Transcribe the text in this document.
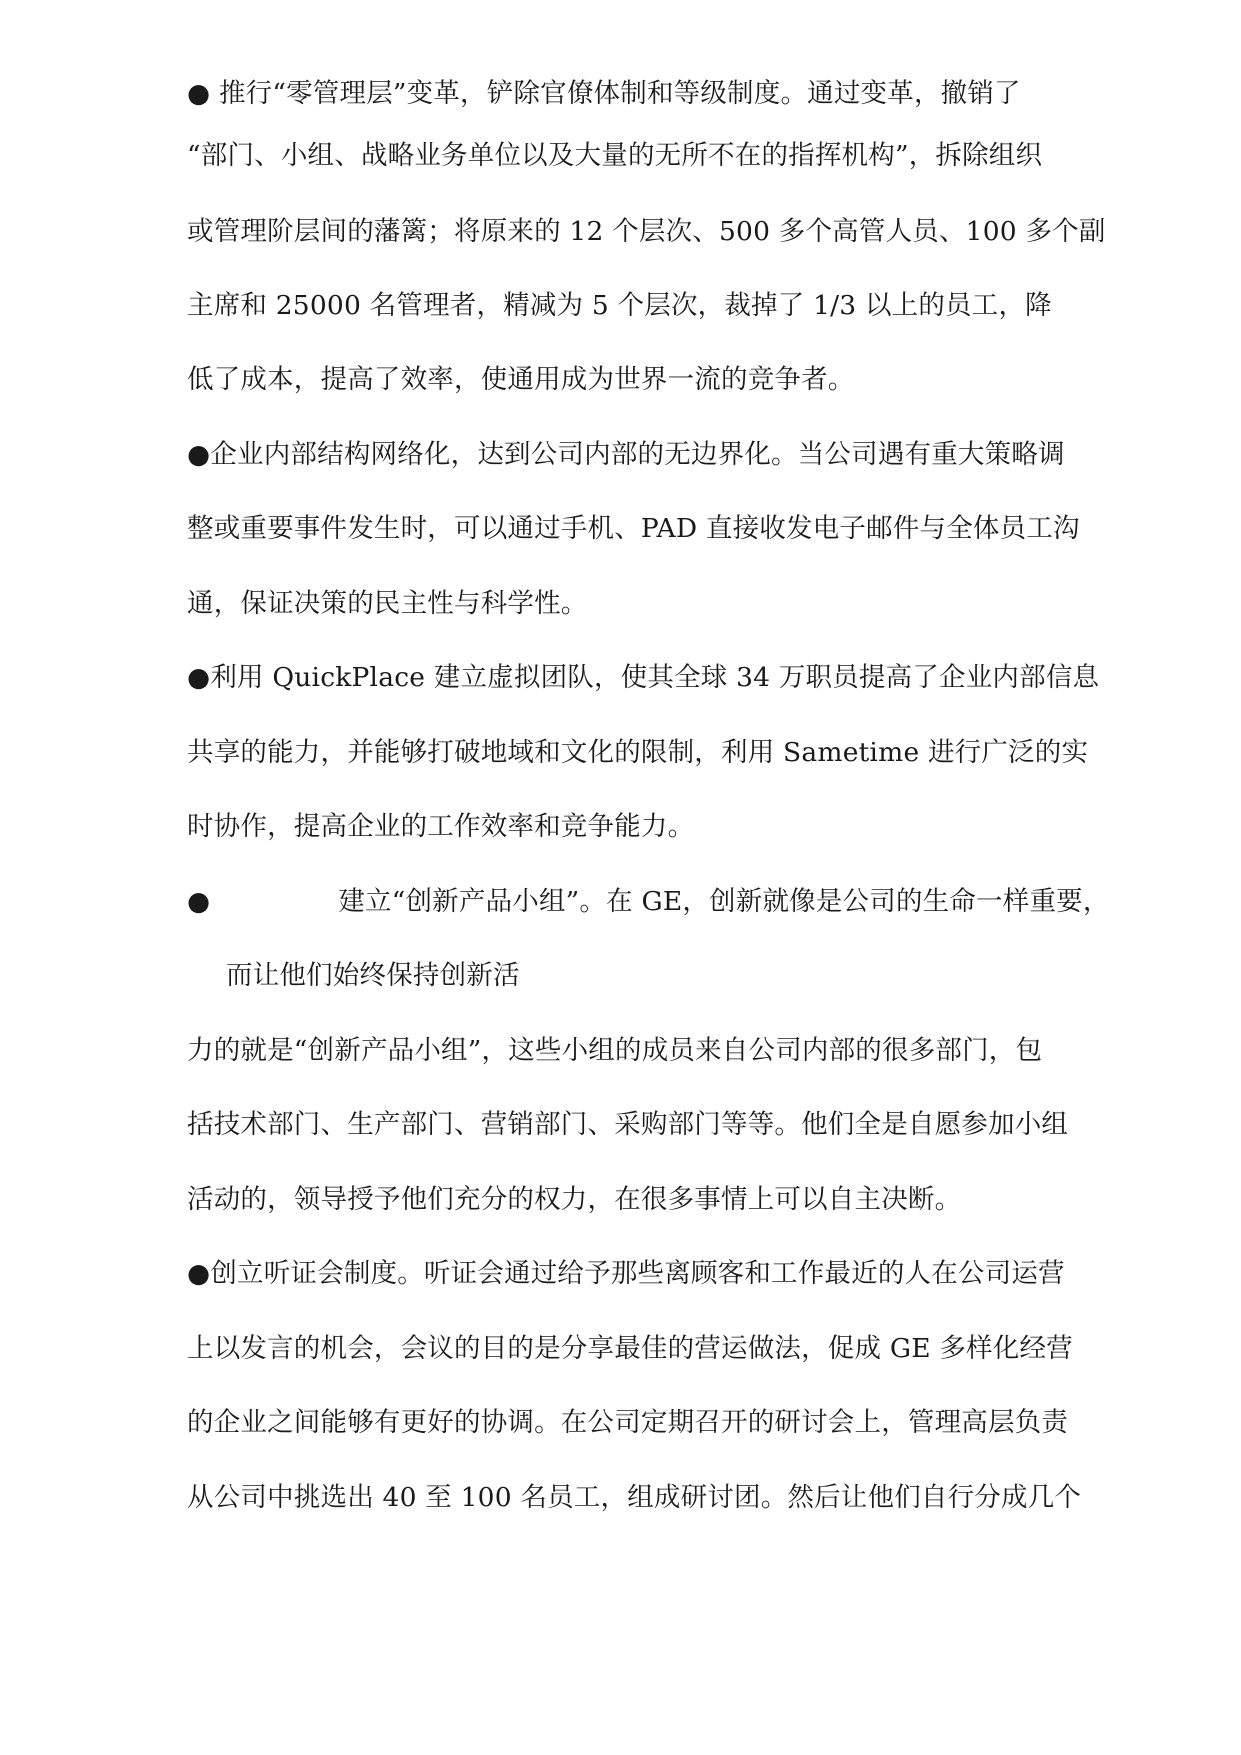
● 推行“零管理层”变革，铲除官僚体制和等级制度。通过变革，撤销了
“部门、小组、战略业务单位以及大量的无所不在的指挥机构”，拆除组织
或管理阶层间的藩篱；将原来的 12 个层次、500 多个高管人员、100 多个副
主席和 25000 名管理者，精减为 5 个层次，裁掉了 1/3 以上的员工，降
低了成本，提高了效率，使通用成为世界一流的竞争者。
●企业内部结构网络化，达到公司内部的无边界化。当公司遇有重大策略调
整或重要事件发生时，可以通过手机、PAD 直接收发电子邮件与全体员工沟
通，保证决策的民主性与科学性。
●利用 QuickPlace 建立虚拟团队，使其全球 34 万职员提高了企业内部信息
共享的能力，并能够打破地域和文化的限制，利用 Sametime 进行广泛的实
时协作，提高企业的工作效率和竞争能力。
●	建立“创新产品小组”。在 GE，创新就像是公司的生命一样重要，
而让他们始终保持创新活
力的就是“创新产品小组”，这些小组的成员来自公司内部的很多部门，包
括技术部门、生产部门、营销部门、采购部门等等。他们全是自愿参加小组
活动的，领导授予他们充分的权力，在很多事情上可以自主决断。
●创立听证会制度。听证会通过给予那些离顾客和工作最近的人在公司运营
上以发言的机会，会议的目的是分享最佳的营运做法，促成 GE 多样化经营
的企业之间能够有更好的协调。在公司定期召开的研讨会上，管理高层负责
从公司中挑选出 40 至 100 名员工，组成研讨团。然后让他们自行分成几个
